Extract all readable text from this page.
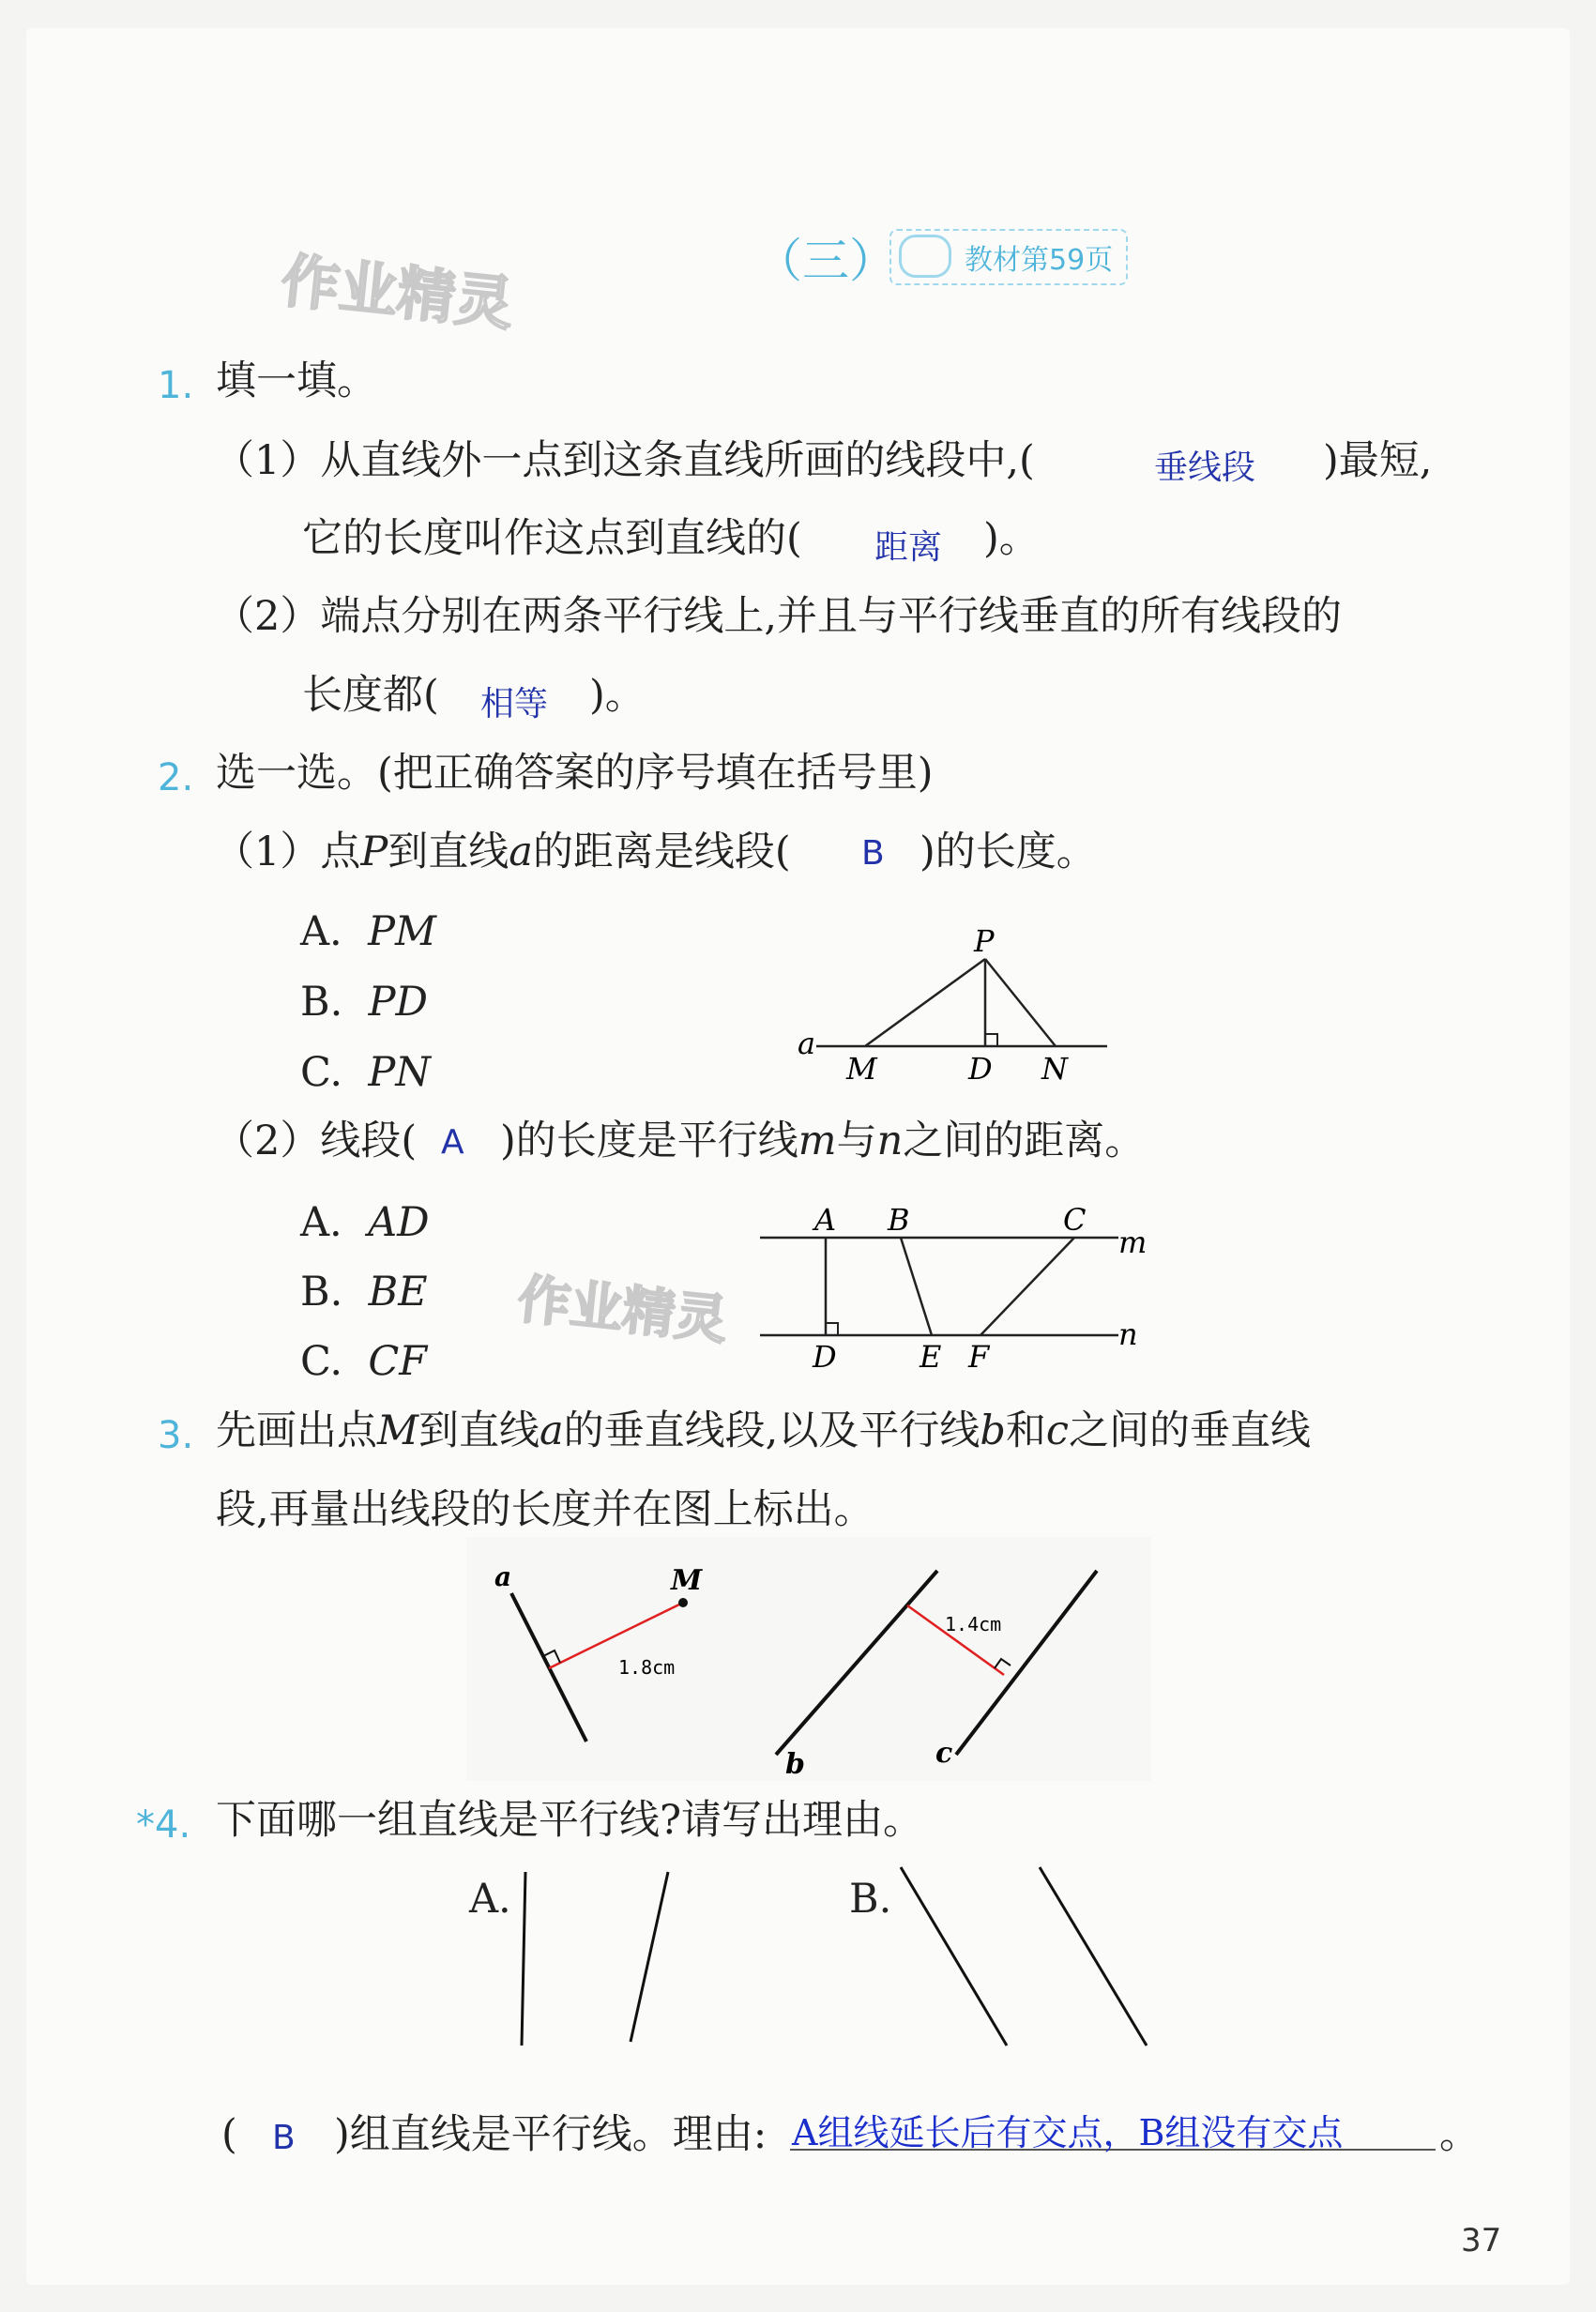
作业精灵
作业精灵
（三）	教材第59页
1. 填一填。
（1）从直线外一点到这条直线所画的线段中,(	垂线段 )最短,
它的长度叫作这点到直线的( 距离 )。
（2）端点分别在两条平行线上,并且与平行线垂直的所有线段的
长度都( 相等 )。
2. 选一选。(把正确答案的序号填在括号里)
（1）点P到直线a的距离是线段( B )的长度。
A. PM
B. PD
C. PN
P
a
M	D N
（2）线段( A )的长度是平行线m与n之间的距离。
A. AD
B. BE
C. CF
A B	C
m
D	E F
n
3. 先画出点M到直线a的垂直线段,以及平行线b和c之间的垂直线
段,再量出线段的长度并在图上标出。
a	M
1.8cm
1.4cm
b	c
*4. 下面哪一组直线是平行线?请写出理由。
A.	B.
( B )组直线是平行线。理由: A组线延长后有交点，B组没有交点 。
37
